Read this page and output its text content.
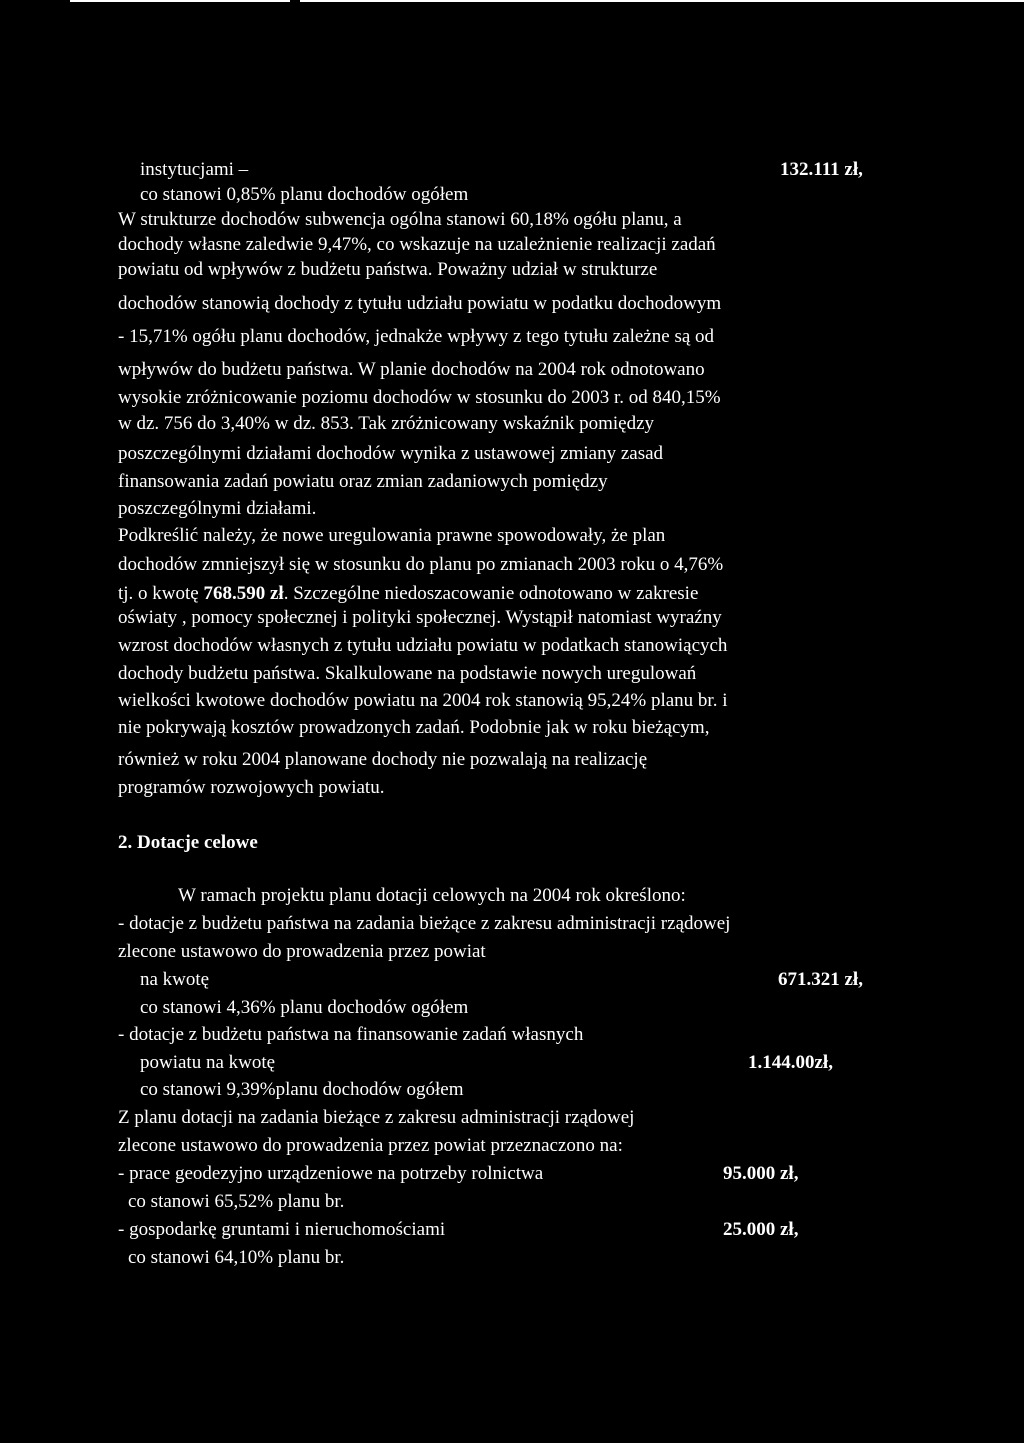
instytucjami –	132.111 zł,
co stanowi 0,85% planu dochodów ogółem
W strukturze dochodów subwencja ogólna stanowi 60,18% ogółu planu, a
dochody własne zaledwie 9,47%, co wskazuje na uzależnienie realizacji zadań
powiatu od wpływów z budżetu państwa. Poważny udział w strukturze
dochodów stanowią dochody z tytułu udziału powiatu w podatku dochodowym
- 15,71% ogółu planu dochodów, jednakże wpływy z tego tytułu zależne są od
wpływów do budżetu państwa. W planie dochodów na 2004 rok odnotowano
wysokie zróżnicowanie poziomu dochodów w stosunku do 2003 r. od 840,15%
w dz. 756 do 3,40% w dz. 853. Tak zróżnicowany wskaźnik pomiędzy
poszczególnymi działami dochodów wynika z ustawowej zmiany zasad
finansowania zadań powiatu oraz zmian zadaniowych pomiędzy
poszczególnymi działami.
Podkreślić należy, że nowe uregulowania prawne spowodowały, że plan
dochodów zmniejszył się w stosunku do planu po zmianach 2003 roku o 4,76%
tj. o kwotę 768.590 zł. Szczególne niedoszacowanie odnotowano w zakresie
oświaty , pomocy społecznej i polityki społecznej. Wystąpił natomiast wyraźny
wzrost dochodów własnych z tytułu udziału powiatu w podatkach stanowiących
dochody budżetu państwa. Skalkulowane na podstawie nowych uregulowań
wielkości kwotowe dochodów powiatu na 2004 rok stanowią 95,24% planu br. i
nie pokrywają kosztów prowadzonych zadań. Podobnie jak w roku bieżącym,
również w roku 2004 planowane dochody nie pozwalają na realizację
programów rozwojowych powiatu.
2. Dotacje celowe
W ramach projektu planu dotacji celowych na 2004 rok określono:
- dotacje z budżetu państwa na zadania bieżące z zakresu administracji rządowej
zlecone ustawowo do prowadzenia przez powiat
na kwotę	671.321 zł,
co stanowi 4,36% planu dochodów ogółem
- dotacje z budżetu państwa na finansowanie zadań własnych
powiatu na kwotę	1.144.00zł,
co stanowi 9,39%planu dochodów ogółem
Z planu dotacji na zadania bieżące z zakresu administracji rządowej
zlecone ustawowo do prowadzenia przez powiat przeznaczono na:
- prace geodezyjno urządzeniowe na potrzeby rolnictwa	95.000 zł,
co stanowi 65,52% planu br.
- gospodarkę gruntami i nieruchomościami	25.000 zł,
co stanowi 64,10% planu br.
